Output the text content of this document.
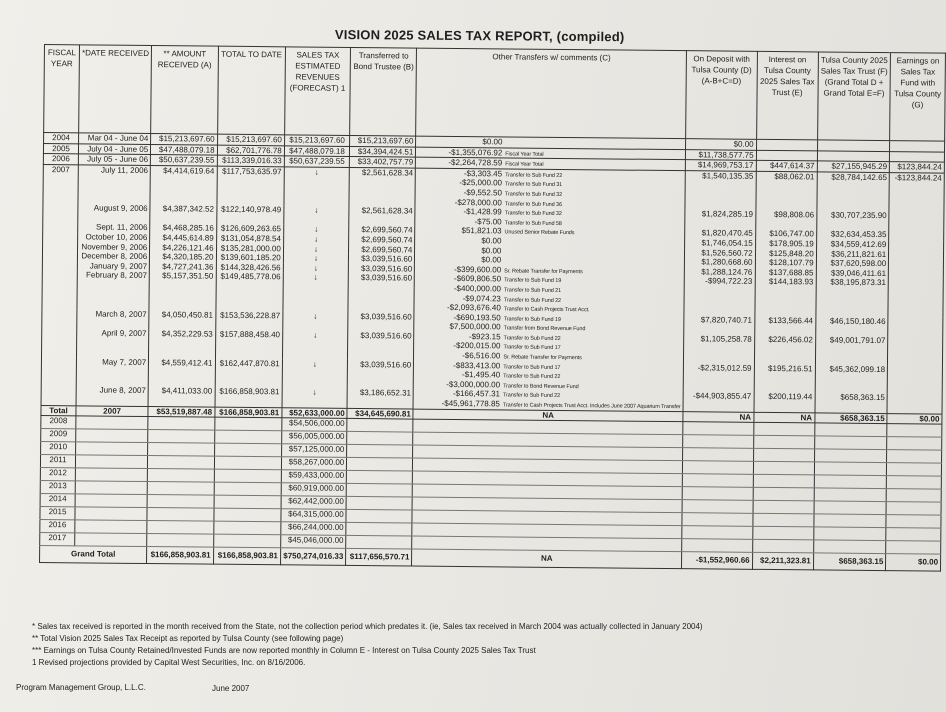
VISION 2025 SALES TAX REPORT, (compiled)
FISCAL YEAR	*DATE RECEIVED	** AMOUNT RECEIVED (A)	TOTAL TO DATE	SALES TAX ESTIMATED REVENUES (FORECAST) 1	Transferred to Bond Trustee (B)	Other Transfers w/ comments (C)	On Deposit with Tulsa County (D) (A-B+C=D)	Interest on Tulsa County 2025 Sales Tax Trust (E)	Tulsa County 2025 Sales Tax Trust (F) (Grand Total D + Grand Total E=F)	Earnings on Sales Tax Fund with Tulsa County (G)
2004	Mar 04 - June 04	$15,213,697.60	$15,213,697.60	$15,213,697.60	$15,213,697.60	$0.00	$0.00			

2005	July 04 - June 05	$47,488,079.18	$62,701,776.78	$47,488,079.18	$34,394,424.51	-$1,355,076.92 Fiscal Year Total	$11,738,577.75			

2006	July 05 - June 06	$50,637,239.55	$113,339,016.33	$50,637,239.55	$33,402,757.79	-$2,264,728.59 Fiscal Year Total	$14,969,753.17	$447,614.37	$27,155,945.29	$123,844.24

2007	July 11, 2006	$4,414,619.64	$117,753,635.97	↓	$2,561,628.34	-$3,303.45 Transfer to Sub Fund 22
-$25,000.00 Transfer to Sub Fund 31
-$9,552.50 Transfer to Sub Fund 32
-$278,000.00 Transfer to Sub Fund 36	$1,540,135.35	$88,062.01	$28,784,142.65	-$123,844.24

	August 9, 2006	$4,387,342.52	$122,140,978.49	↓	$2,561,628.34	-$1,428.99 Transfer to Sub Fund 32
-$75.00 Transfer to Sub Fund 58	$1,824,285.19	$98,808.06	$30,707,235.90	

	Sept. 11, 2006	$4,468,285.16	$126,609,263.65	↓	$2,699,560.74	$51,821.03 Unused Senior Rebate Funds	$1,820,470.45	$106,747.00	$32,634,453.35	

	October 10, 2006	$4,445,614.89	$131,054,878.54	↓	$2,699,560.74	$0.00	$1,746,054.15	$178,905.19	$34,559,412.69	

	November 9, 2006	$4,226,121.46	$135,281,000.00	↓	$2,699,560.74	$0.00	$1,526,560.72	$125,848.20	$36,211,821.61	

	December 8, 2006	$4,320,185.20	$139,601,185.20	↓	$3,039,516.60	$0.00	$1,280,668.60	$128,107.79	$37,620,598.00	

	January 9, 2007	$4,727,241.36	$144,328,426.56	↓	$3,039,516.60	-$399,600.00 Sr. Rebate Transfer for Payments	$1,288,124.76	$137,688.85	$39,046,411.61	

	February 8, 2007	$5,157,351.50	$149,485,778.06	↓	$3,039,516.60	-$609,806.50 Transfer to Sub Fund 19
-$400,000.00 Transfer to Sub Fund 21
-$9,074.23 Transfer to Sub Fund 22
-$2,093,676.40 Transfer to Cash Projects Trust Acct.	-$994,722.23	$144,183.93	$38,195,873.31	

	March 8, 2007	$4,050,450.81	$153,536,228.87	↓	$3,039,516.60	-$690,193.50 Transfer to Sub Fund 19
$7,500,000.00 Transfer from Bond Revenue Fund	$7,820,740.71	$133,566.44	$46,150,180.46	

	April 9, 2007	$4,352,229.53	$157,888,458.40	↓	$3,039,516.60	-$923.15 Transfer to Sub Fund 22
-$200,015.00 Transfer to Sub Fund 17
-$6,516.00 Sr. Rebate Transfer for Payments	$1,105,258.78	$226,456.02	$49,001,791.07	

	May 7, 2007	$4,559,412.41	$162,447,870.81	↓	$3,039,516.60	-$833,413.00 Transfer to Sub Fund 17
-$1,495.40 Transfer to Sub Fund 22
-$3,000,000.00 Transfer to Bond Revenue Fund	-$2,315,012.59	$195,216.51	$45,362,099.18	

	June 8, 2007	$4,411,033.00	$166,858,903.81	↓	$3,186,652.31	-$166,457.31 Transfer to Sub Fund 22
-$45,961,778.85 Transfer to Cash Projects Trust Acct. Includes June 2007 Aquarium Transfer	-$44,903,855.47	$200,119.44	$658,363.15	

Total	2007	$53,519,887.48	$166,858,903.81	$52,633,000.00	$34,645,690.81	NA	NA	NA	$658,363.15	$0.00
2008				$54,506,000.00						
2009				$56,005,000.00						
2010				$57,125,000.00						
2011				$58,267,000.00						
2012				$59,433,000.00						
2013				$60,919,000.00						
2014				$62,442,000.00						
2015				$64,315,000.00						
2016				$66,244,000.00						
2017				$45,046,000.00						
Grand Total		$166,858,903.81	$166,858,903.81	$750,274,016.33	$117,656,570.71	NA	-$1,552,960.66	$2,211,323.81	$658,363.15	$0.00
* Sales tax received is reported in the month received from the State, not the collection period which predates it. (ie, Sales tax received in March 2004 was actually collected in January 2004)
** Total Vision 2025 Sales Tax Receipt as reported by Tulsa County (see following page)
*** Earnings on Tulsa County Retained/Invested Funds are now reported monthly in Column E - Interest on Tulsa County 2025 Sales Tax Trust
1 Revised projections provided by Capital West Securities, Inc. on 8/16/2006.
Program Management Group, L.L.C.	June 2007
